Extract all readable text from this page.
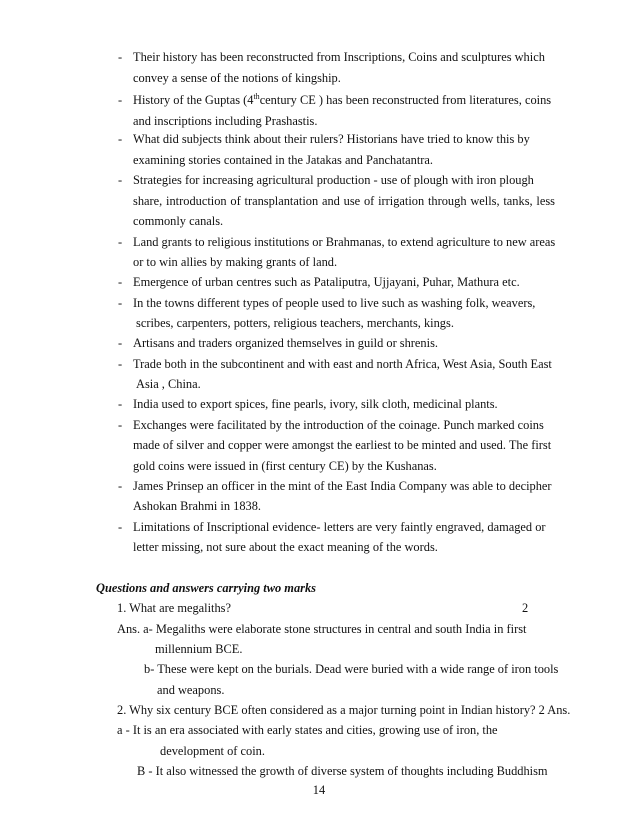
- Their history has been reconstructed from Inscriptions, Coins and sculptures which
convey a sense of the notions of kingship.
- History of the Guptas (4thcentury CE ) has been reconstructed from literatures, coins
and inscriptions including Prashastis.
- What did subjects think about their rulers? Historians have tried to know this by
examining stories contained in the Jatakas and Panchatantra.
- Strategies for increasing agricultural production - use of plough with iron plough
share, introduction of transplantation and use of irrigation through wells, tanks, less
commonly canals.
- Land grants to religious institutions or Brahmanas, to extend agriculture to new areas
or to win allies by making grants of land.
- Emergence of urban centres such as Pataliputra, Ujjayani, Puhar, Mathura etc.
- In the towns different types of people used to live such as washing folk, weavers,
scribes, carpenters, potters, religious teachers, merchants, kings.
- Artisans and traders organized themselves in guild or shrenis.
- Trade both in the subcontinent and with east and north Africa, West Asia, South East
Asia , China.
- India used to export spices, fine pearls, ivory, silk cloth, medicinal plants.
- Exchanges were facilitated by the introduction of the coinage. Punch marked coins
made of silver and copper were amongst the earliest to be minted and used. The first
gold coins were issued in (first century CE) by the Kushanas.
- James Prinsep an officer in the mint of the East India Company was able to decipher
Ashokan Brahmi in 1838.
- Limitations of Inscriptional evidence- letters are very faintly engraved, damaged or
letter missing, not sure about the exact meaning of the words.
Questions and answers carrying two marks
1. What are megaliths?	2
Ans. a- Megaliths were elaborate stone structures in central and south India in first
millennium BCE.
b- These were kept on the burials. Dead were buried with a wide range of iron tools
and weapons.
2. Why six century BCE often considered as a major turning point in Indian history? 2 Ans.
a - It is an era associated with early states and cities, growing use of iron, the
development of coin.
B - It also witnessed the growth of diverse system of thoughts including Buddhism
14
